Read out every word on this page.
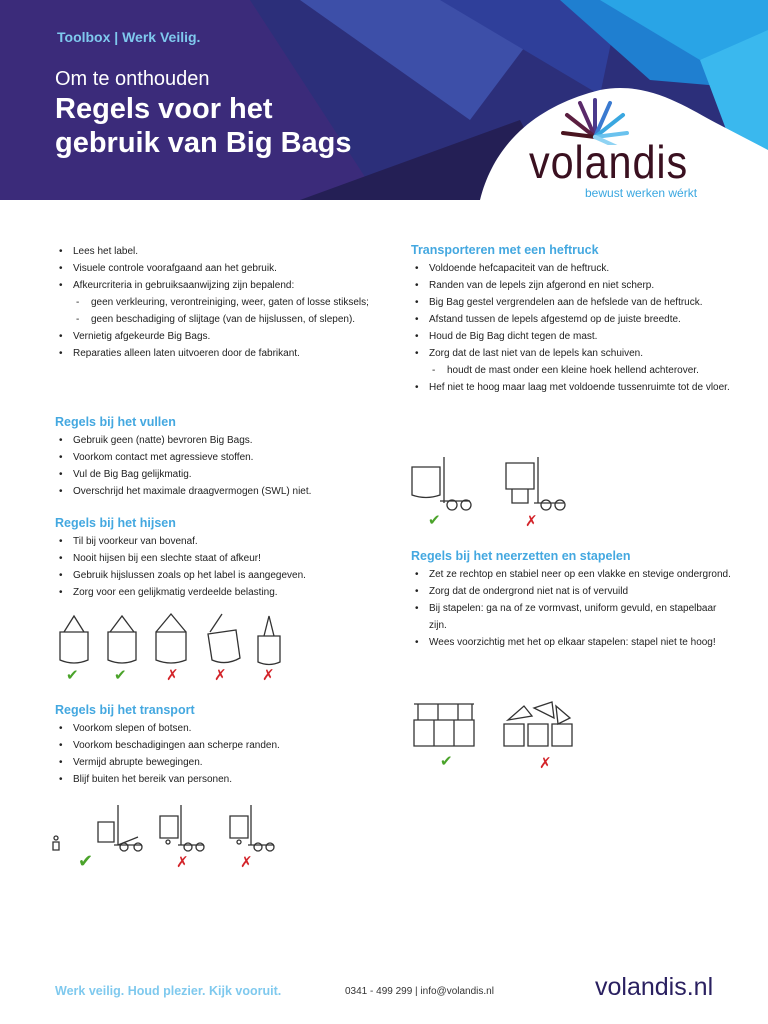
Toolbox | Werk Veilig.
Om te onthouden
Regels voor het
gebruik van Big Bags	volandis
bewust werken wérkt
• Lees het label.
• Visuele controle voorafgaand aan het gebruik.
• Afkeurcriteria in gebruiksaanwijzing zijn bepalend:
- geen verkleuring, verontreiniging, weer, gaten of losse stiksels;
- geen beschadiging of slijtage (van de hijslussen, of slepen).
• Vernietig afgekeurde Big Bags.
• Reparaties alleen laten uitvoeren door de fabrikant.
Regels bij het vullen
• Gebruik geen (natte) bevroren Big Bags.
• Voorkom contact met agressieve stoffen.
• Vul de Big Bag gelijkmatig.
• Overschrijd het maximale draagvermogen (SWL) niet.
Regels bij het hijsen
• Til bij voorkeur van bovenaf.
• Nooit hijsen bij een slechte staat of afkeur!
• Gebruik hijslussen zoals op het label is aangegeven.
• Zorg voor een gelijkmatig verdeelde belasting.
✔ ✔	✗ ✗ ✗
Regels bij het transport
• Voorkom slepen of botsen.
• Voorkom beschadigingen aan scherpe randen.
• Vermijd abrupte bewegingen.
• Blijf buiten het bereik van personen.
✔	✗	✗
Transporteren met een heftruck
• Voldoende hefcapaciteit van de heftruck.
• Randen van de lepels zijn afgerond en niet scherp.
• Big Bag gestel vergrendelen aan de hefslede van de heftruck.
• Afstand tussen de lepels afgestemd op de juiste breedte.
• Houd de Big Bag dicht tegen de mast.
• Zorg dat de last niet van de lepels kan schuiven.
- houdt de mast onder een kleine hoek hellend achterover.
• Hef niet te hoog maar laag met voldoende tussenruimte tot de vloer.
✔	✗
Regels bij het neerzetten en stapelen
• Zet ze rechtop en stabiel neer op een vlakke en stevige ondergrond.
• Zorg dat de ondergrond niet nat is of vervuild
• Bij stapelen: ga na of ze vormvast, uniform gevuld, en stapelbaar zijn.
• Wees voorzichtig met het op elkaar stapelen: stapel niet te hoog!
✔	✗
Werk veilig. Houd plezier. Kijk vooruit.	0341 - 499 299 | info@volandis.nl	volandis.nl
